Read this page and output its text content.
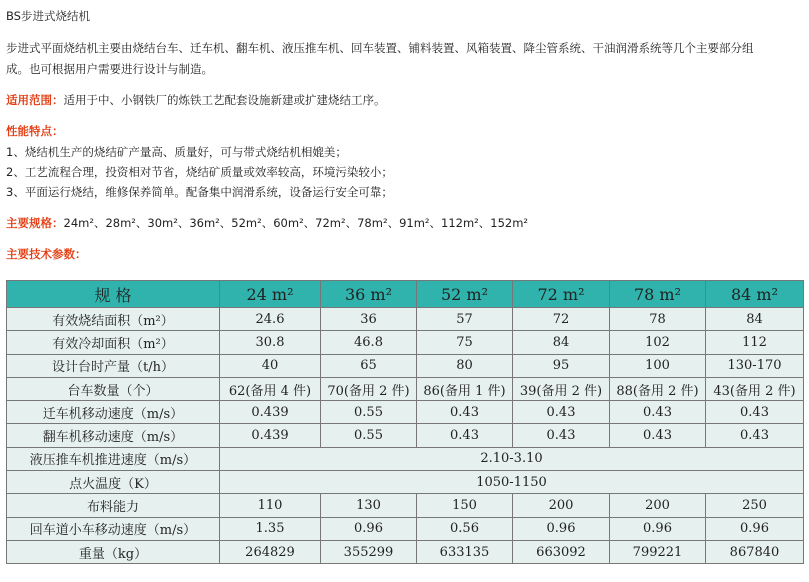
BS步进式烧结机
步进式平面烧结机主要由烧结台车、迁车机、翻车机、液压推车机、回车装置、铺料装置、风箱装置、降尘管系统、干油润滑系统等几个主要部分组
成。也可根据用户需要进行设计与制造。
适用范围：适用于中、小钢铁厂的炼铁工艺配套设施新建或扩建烧结工序。
性能特点：
1、烧结机生产的烧结矿产量高、质量好，可与带式烧结机相媲美；
2、工艺流程合理，投资相对节省，烧结矿质量或效率较高，环境污染较小；
3、平面运行烧结，维修保养简单。配备集中润滑系统，设备运行安全可靠；
主要规格：24m²、28m²、30m²、36m²、52m²、60m²、72m²、78m²、91m²、112m²、152m²
主要技术参数：
规 格	24 m²	36 m²	52 m²	72 m²	78 m²	84 m²
有效烧结面积（m²）	24.6	36	57	72	78	84
有效冷却面积（m²）	30.8	46.8	75	84	102	112
设计台时产量（t/h）	40	65	80	95	100	130-170
台车数量（个）	62(备用 4 件)	70(备用 2 件)	86(备用 1 件)	39(备用 2 件)	88(备用 2 件)	43(备用 2 件)
迁车机移动速度（m/s）	0.439	0.55	0.43	0.43	0.43	0.43
翻车机移动速度（m/s）	0.439	0.55	0.43	0.43	0.43	0.43
液压推车机推进速度（m/s）	2.10-3.10					
点火温度（K）	1050-1150					
布料能力	110	130	150	200	200	250
回车道小车移动速度（m/s）	1.35	0.96	0.56	0.96	0.96	0.96
重量（kg）	264829	355299	633135	663092	799221	867840
